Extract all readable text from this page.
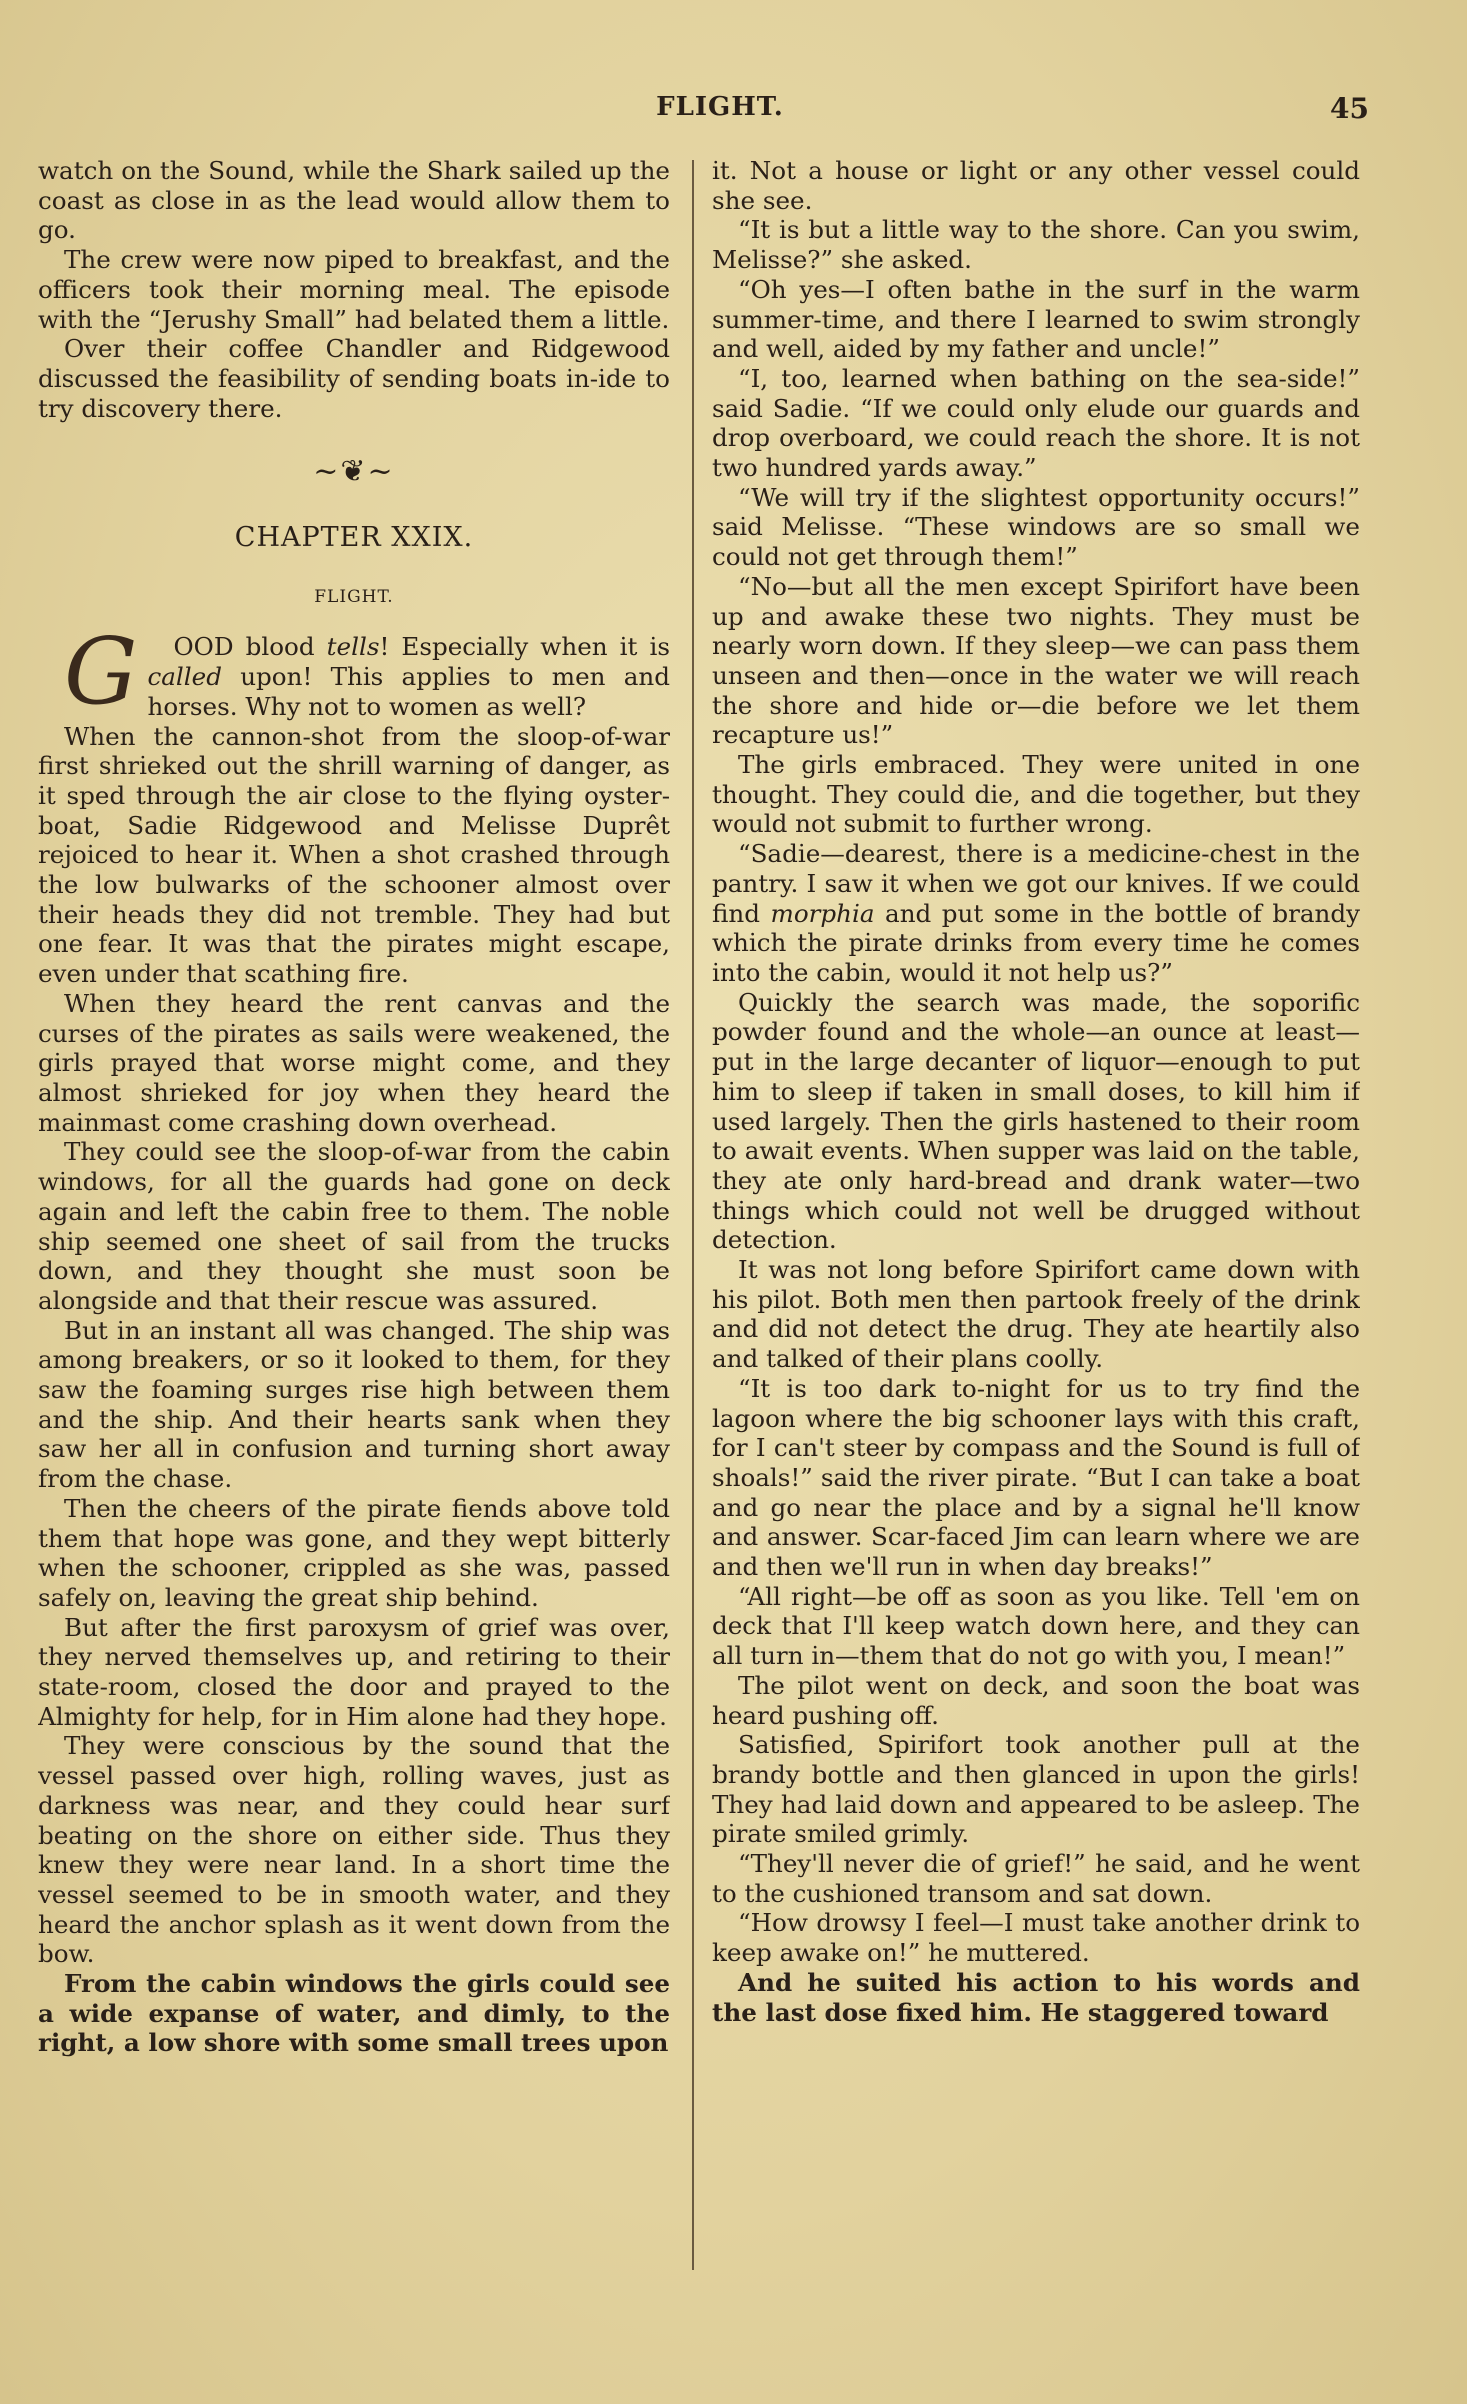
FLIGHT.	45

watch on the Sound, while the Shark sailed up the coast as close in as the lead would allow them to go.

The crew were now piped to breakfast, and the officers took their morning meal. The episode with the “Jerushy Small” had belated them a little.

Over their coffee Chandler and Ridgewood discussed the feasibility of sending boats in-ide to try discovery there.

~❦~
CHAPTER XXIX.
FLIGHT.

G OOD blood tells! Especially when it is called upon! This applies to men and horses. Why not to women as well?

When the cannon-shot from the sloop-of-war first shrieked out the shrill warning of danger, as it sped through the air close to the flying oyster-boat, Sadie Ridgewood and Melisse Duprêt rejoiced to hear it. When a shot crashed through the low bulwarks of the schooner almost over their heads they did not tremble. They had but one fear. It was that the pirates might escape, even under that scathing fire.

When they heard the rent canvas and the curses of the pirates as sails were weakened, the girls prayed that worse might come, and they almost shrieked for joy when they heard the mainmast come crashing down overhead.

They could see the sloop-of-war from the cabin windows, for all the guards had gone on deck again and left the cabin free to them. The noble ship seemed one sheet of sail from the trucks down, and they thought she must soon be alongside and that their rescue was assured.

But in an instant all was changed. The ship was among breakers, or so it looked to them, for they saw the foaming surges rise high between them and the ship. And their hearts sank when they saw her all in confusion and turning short away from the chase.

Then the cheers of the pirate fiends above told them that hope was gone, and they wept bitterly when the schooner, crippled as she was, passed safely on, leaving the great ship behind.

But after the first paroxysm of grief was over, they nerved themselves up, and retiring to their state-room, closed the door and prayed to the Almighty for help, for in Him alone had they hope.

They were conscious by the sound that the vessel passed over high, rolling waves, just as darkness was near, and they could hear surf beating on the shore on either side. Thus they knew they were near land. In a short time the vessel seemed to be in smooth water, and they heard the anchor splash as it went down from the bow.

From the cabin windows the girls could see a wide expanse of water, and dimly, to the right, a low shore with some small trees upon

it. Not a house or light or any other vessel could she see.

“It is but a little way to the shore. Can you swim, Melisse?” she asked.

“Oh yes—I often bathe in the surf in the warm summer-time, and there I learned to swim strongly and well, aided by my father and uncle!”

“I, too, learned when bathing on the sea-side!” said Sadie. “If we could only elude our guards and drop overboard, we could reach the shore. It is not two hundred yards away.”

“We will try if the slightest opportunity occurs!” said Melisse. “These windows are so small we could not get through them!”

“No—but all the men except Spirifort have been up and awake these two nights. They must be nearly worn down. If they sleep—we can pass them unseen and then—once in the water we will reach the shore and hide or—die before we let them recapture us!”

The girls embraced. They were united in one thought. They could die, and die together, but they would not submit to further wrong.

“Sadie—dearest, there is a medicine-chest in the pantry. I saw it when we got our knives. If we could find morphia and put some in the bottle of brandy which the pirate drinks from every time he comes into the cabin, would it not help us?”

Quickly the search was made, the soporific powder found and the whole—an ounce at least—put in the large decanter of liquor—enough to put him to sleep if taken in small doses, to kill him if used largely. Then the girls hastened to their room to await events. When supper was laid on the table, they ate only hard-bread and drank water—two things which could not well be drugged without detection.

It was not long before Spirifort came down with his pilot. Both men then partook freely of the drink and did not detect the drug. They ate heartily also and talked of their plans coolly.

“It is too dark to-night for us to try find the lagoon where the big schooner lays with this craft, for I can't steer by compass and the Sound is full of shoals!” said the river pirate. “But I can take a boat and go near the place and by a signal he'll know and answer. Scar-faced Jim can learn where we are and then we'll run in when day breaks!”

“All right—be off as soon as you like. Tell 'em on deck that I'll keep watch down here, and they can all turn in—them that do not go with you, I mean!”

The pilot went on deck, and soon the boat was heard pushing off.

Satisfied, Spirifort took another pull at the brandy bottle and then glanced in upon the girls! They had laid down and appeared to be asleep. The pirate smiled grimly.

“They'll never die of grief!” he said, and he went to the cushioned transom and sat down.

“How drowsy I feel—I must take another drink to keep awake on!” he muttered.

And he suited his action to his words and the last dose fixed him. He staggered toward
